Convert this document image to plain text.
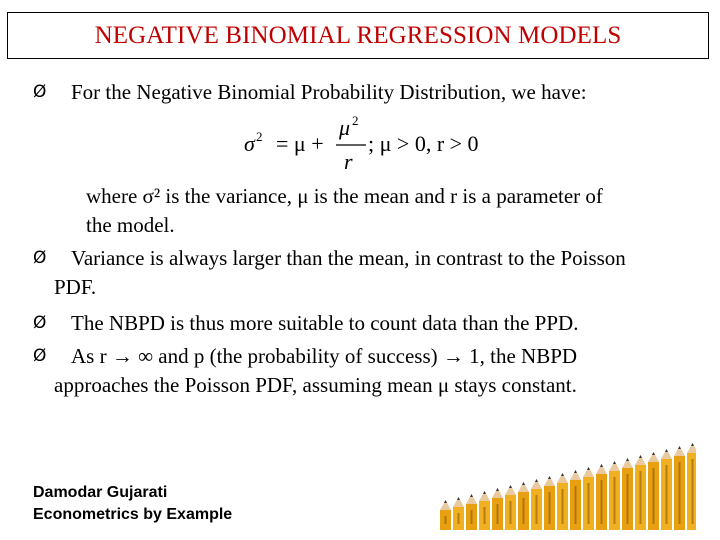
NEGATIVE BINOMIAL REGRESSION MODELS
Ø For the Negative Binomial Probability Distribution, we have:
σ 2 = μ +
μ 2
r
; μ > 0, r > 0
where σ² is the variance, μ is the mean and r is a parameter of
the model.
Ø Variance is always larger than the mean, in contrast to the Poisson
PDF.
Ø The NBPD is thus more suitable to count data than the PPD.
Ø As r → ∞ and p (the probability of success) → 1, the NBPD
approaches the Poisson PDF, assuming mean μ stays constant.
Damodar Gujarati
Econometrics by Example
